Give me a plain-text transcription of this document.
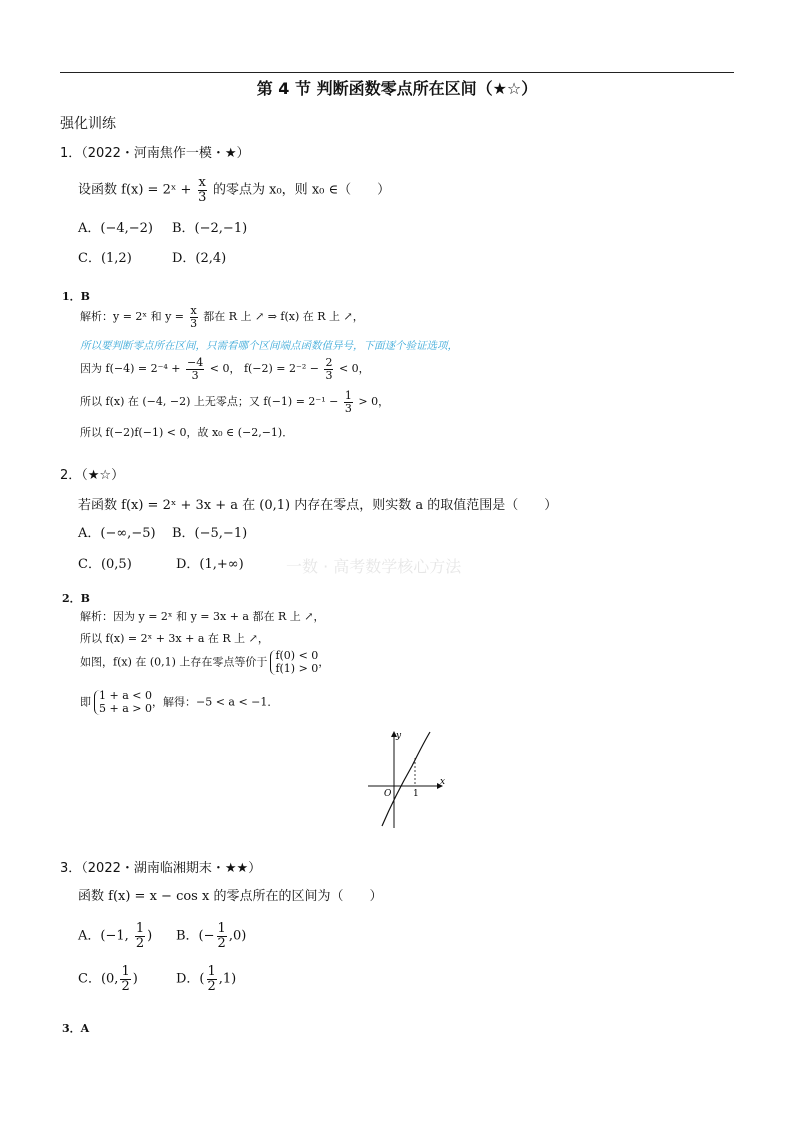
第 4 节 判断函数零点所在区间（★☆）
强化训练
1．（2022・河南焦作一模・★）
设函数 f(x) = 2ˣ + $\frac{x}{3}$ 的零点为 x₀，则 x₀ ∈（　　）
A．(−4,−2) B．(−2,−1)
C．(1,2)	D．(2,4)
1．B
解析：y = 2ˣ 和 $y = \frac{x}{3}$ 都在 R 上 ↗ ⇒ f(x) 在 R 上 ↗，
所以要判断零点所在区间，只需看哪个区间端点函数值异号，下面逐个验证选项，
因为 $f(-4) = 2^{-4} + \frac{-4}{3} < 0$， $f(-2) = 2^{-2} - \frac{2}{3} < 0$，
所以 f(x) 在 (−4, −2) 上无零点；又 $f(-1) = 2^{-1} - \frac{1}{3} > 0$，
所以 f(−2)f(−1) < 0，故 x₀ ∈ (−2,−1)．
2．（★☆）
若函数 f(x) = 2ˣ + 3x + a 在 (0,1) 内存在零点，则实数 a 的取值范围是（　　）
A．(−∞,−5) B．(−5,−1)
C．(0,5)	D．(1,+∞)	一数 · 高考数学核心方法
2．B
解析：因为 y = 2ˣ 和 y = 3x + a 都在 R 上 ↗，
所以 f(x) = 2ˣ + 3x + a 在 R 上 ↗，
如图，f(x) 在 (0,1) 上存在零点等价于
f(0) < 0
f(1) > 0 ，
即
1 + a < 0
5 + a > 0 ，解得：−5 < a < −1．
y
x
O 1
3．（2022・湖南临湘期末・★★）
函数 f(x) = x − cos x 的零点所在的区间为（　　）
A．(−1, $\frac{1}{2}$ ) B．(− $\frac{1}{2} ,0$)
C．(0, $\frac{1}{2}$ )	D．( $\frac{1}{2} ,1$)
3．A
